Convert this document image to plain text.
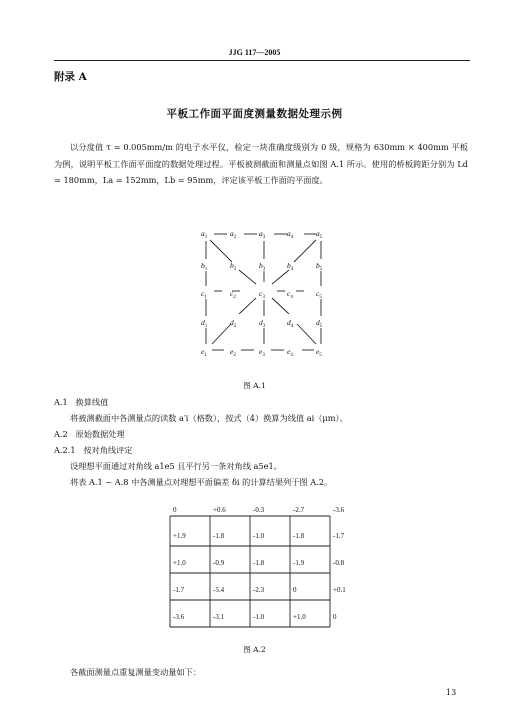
JJG 117—2005
附录 A
平板工作面平面度测量数据处理示例
以分度值 τ = 0.005mm/m 的电子水平仪，检定一块准确度级别为 0 级，规格为 630mm × 400mm 平板为例，说明平板工作面平面度的数据处理过程。平板被测截面和测量点如图 A.1 所示。使用的桥板跨距分别为 Ld = 180mm，La = 152mm，Lb = 95mm，评定该平板工作面的平面度。
$a_1$	$a_2$	$a_3$	$a_4$	$a_5$
$b_1$	$b_2$	$b_3$	$b_4$	$b_5$
$c_1$	$c_2$	$c_3$	$c_4$	$c_5$
$d_1$	$d_2$	$d_3$	$d_4$	$d_5$
$e_1$	$e_2$	$e_3$	$e_4$	$e_5$
图 A.1
A.1 换算线值
将被测截面中各测量点的读数 a′i（格数），按式（4）换算为线值 ai（μm）。
A.2 原始数据处理
A.2.1 按对角线评定
设理想平面通过对角线 a1e5 且平行另一条对角线 a5e1。
将表 A.1 ~ A.8 中各测量点对理想平面偏差 δi 的计算结果列于图 A.2。
0	+0.6	-0.3	-2.7	-3.6
+1.9	-1.8	-1.0	-1.8	-1.7
+1.0	-0.9	-1.8	-1.9	-0.8
-1.7	-5.4	-2.3	0	+0.1
-3.6	-3.1	-1.0	+1.0	0
图 A.2
各截面测量点重复测量变动量如下：
13
